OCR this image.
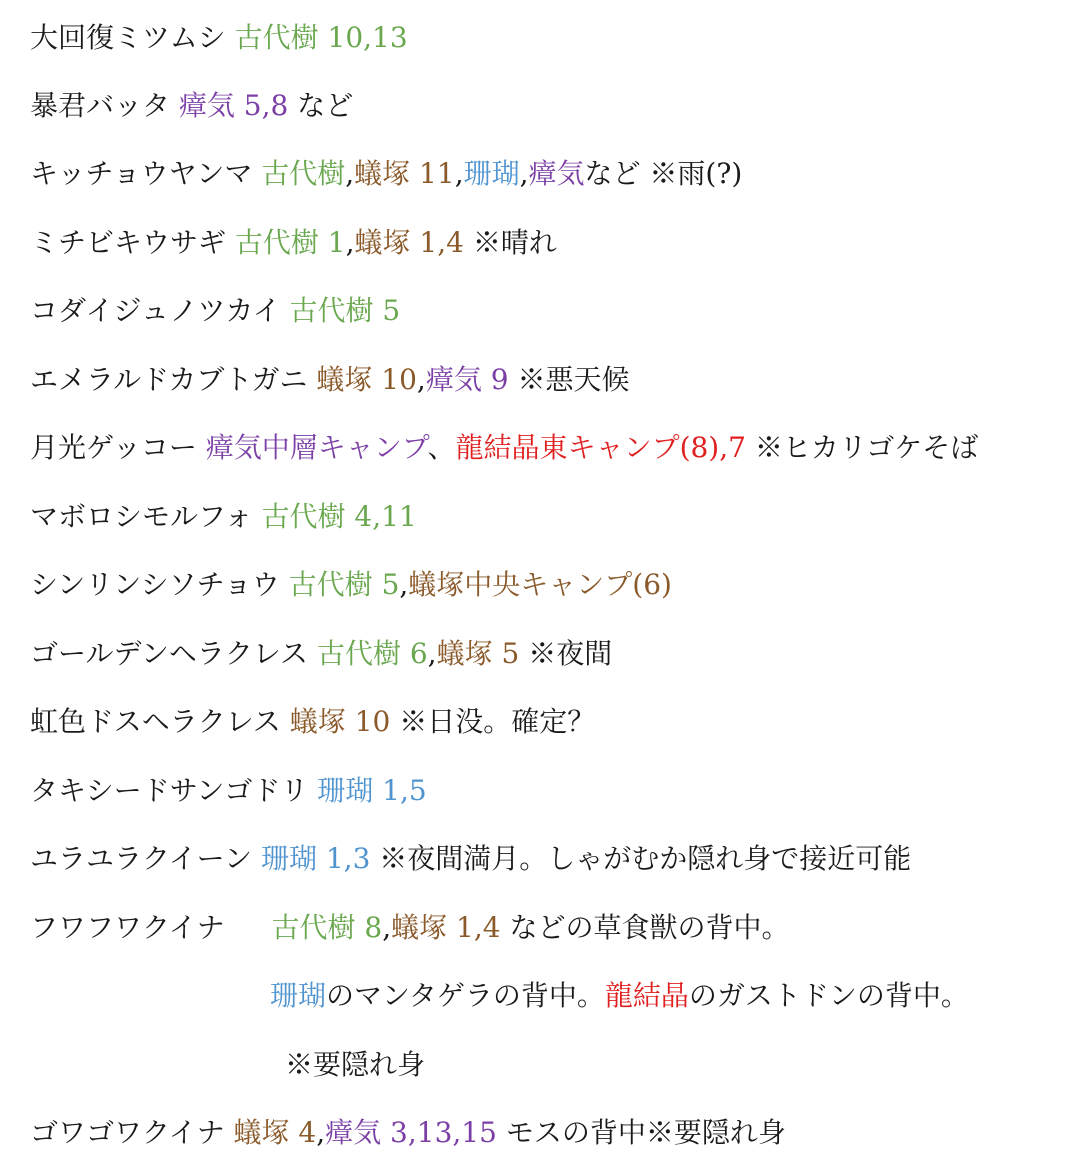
大回復ミツムシ 古代樹 10,13
暴君バッタ 瘴気 5,8 など
キッチョウヤンマ 古代樹,蟻塚 11,珊瑚,瘴気など ※雨(?)
ミチビキウサギ 古代樹 1,蟻塚 1,4 ※晴れ
コダイジュノツカイ 古代樹 5
エメラルドカブトガニ 蟻塚 10,瘴気 9 ※悪天候
月光ゲッコー 瘴気中層キャンプ、龍結晶東キャンプ(8),7 ※ヒカリゴケそば
マボロシモルフォ 古代樹 4,11
シンリンシソチョウ 古代樹 5,蟻塚中央キャンプ(6)
ゴールデンヘラクレス 古代樹 6,蟻塚 5 ※夜間
虹色ドスヘラクレス 蟻塚 10 ※日没。確定？
タキシードサンゴドリ 珊瑚 1,5
ユラユラクイーン 珊瑚 1,3 ※夜間満月。しゃがむか隠れ身で接近可能
フワフワクイナ 古代樹 8,蟻塚 1,4 などの草食獣の背中。
珊瑚のマンタゲラの背中。龍結晶のガストドンの背中。
※要隠れ身
ゴワゴワクイナ 蟻塚 4,瘴気 3,13,15 モスの背中※要隠れ身
